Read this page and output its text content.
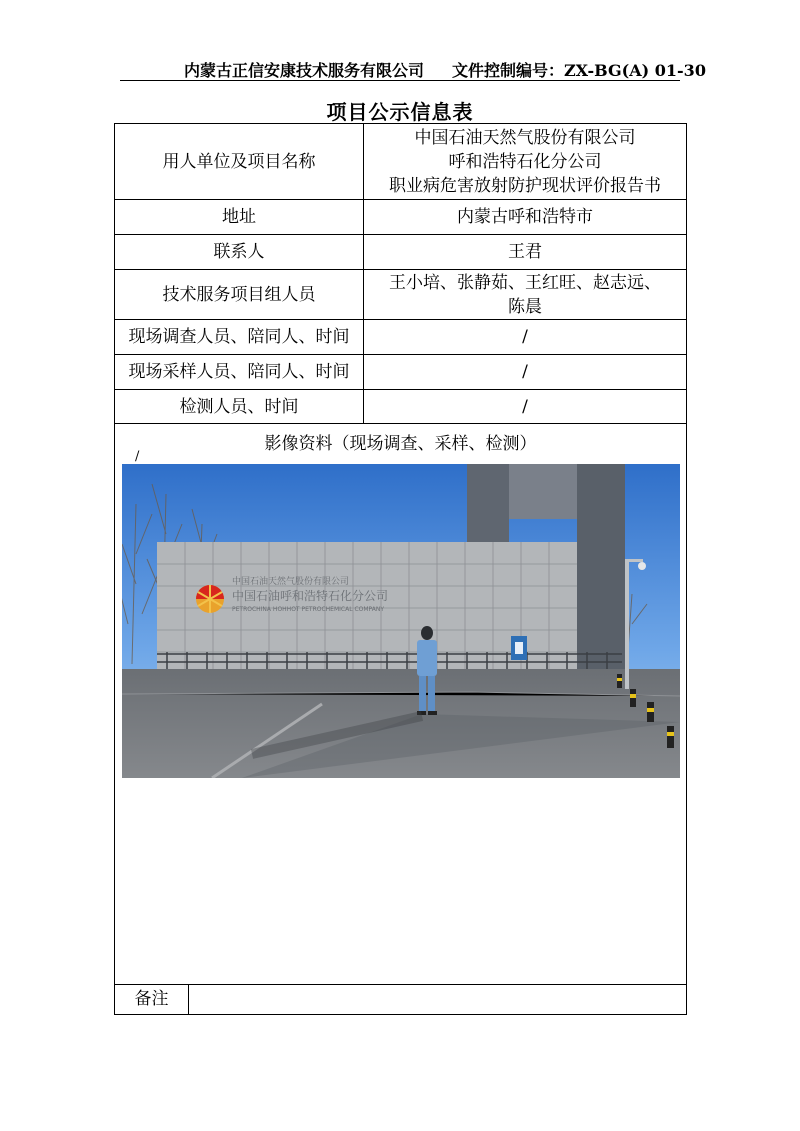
内蒙古正信安康技术服务有限公司 文件控制编号：ZX-BG(A) 01-30
项目公示信息表
用人单位及项目名称	中国石油天然气股份有限公司
呼和浩特石化分公司
职业病危害放射防护现状评价报告书

地址	内蒙古呼和浩特市

联系人	王君

技术服务项目组人员	王小培、张静茹、王红旺、赵志远、
陈晨

现场调查人员、陪同人、时间	/

现场采样人员、陪同人、时间	/

检测人员、时间	/
影像资料（现场调查、采样、检测）
/
中国石油天然气股份有限公司
中国石油呼和浩特石化分公司
PETROCHINA HOHHOT PETROCHEMICAL COMPANY
备注
